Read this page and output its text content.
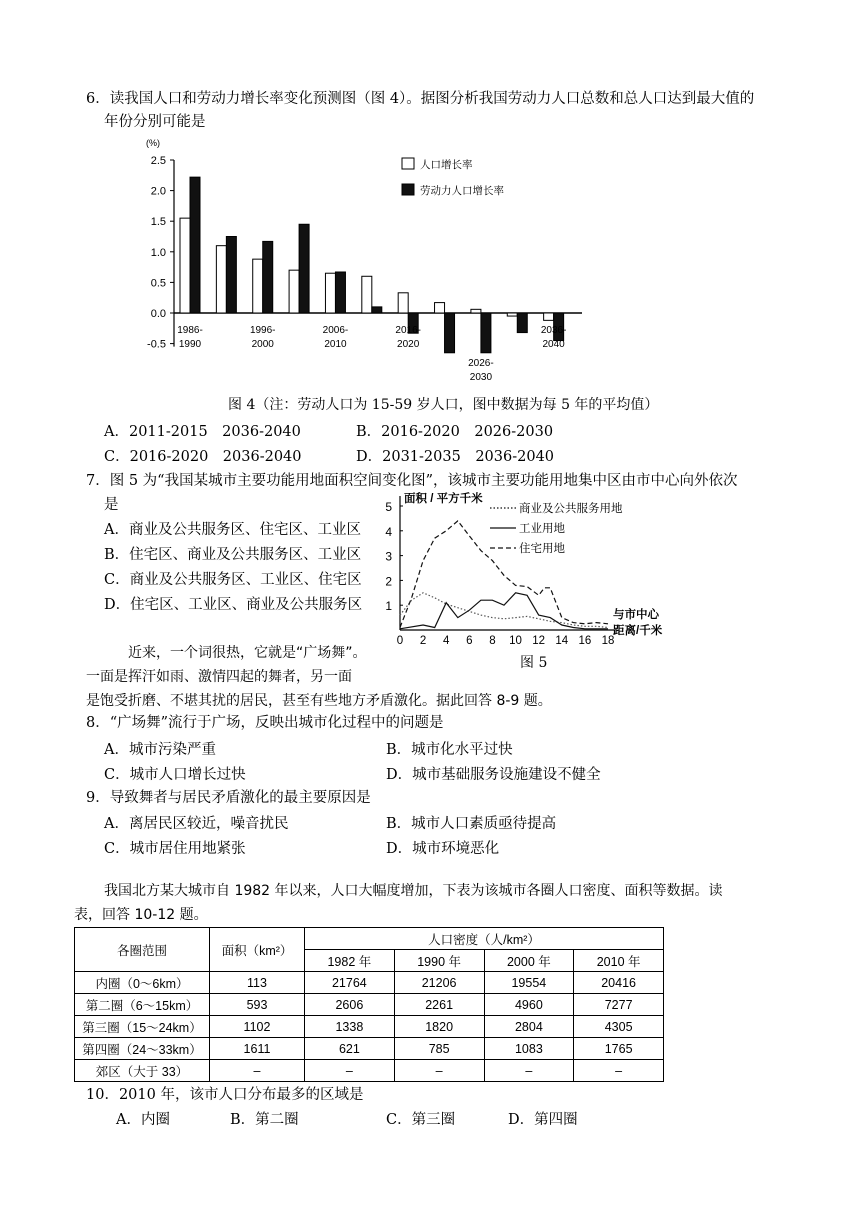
6．读我国人口和劳动力增长率变化预测图（图 4）。据图分析我国劳动力人口总数和总人口达到最大值的
年份分别可能是
(%)
2.5
2.0
1.5
1.0
0.5
0.0
-0.5
1986-
1990
1996-
2000
2006-
2010
2016-
2020
2026-
2030
2036-
2040
人口增长率
劳动力人口增长率
图 4（注：劳动人口为 15-59 岁人口，图中数据为每 5 年的平均值）
A．2011-2015　2036-2040	B．2016-2020　2026-2030
C．2016-2020　2036-2040	D．2031-2035　2036-2040
7．图 5 为“我国某城市主要功能用地面积空间变化图”，该城市主要功能用地集中区由市中心向外依次
是
A．商业及公共服务区、住宅区、工业区
B．住宅区、商业及公共服务区、工业区
C．商业及公共服务区、工业区、住宅区
D．住宅区、工业区、商业及公共服务区
面积 / 平方千米
1
2
3
4
5
0 2 4 6 8 10 12 14 16 18
与市中心
距离/千米
商业及公共服务用地
工业用地
住宅用地
图 5
近来，一个词很热，它就是“广场舞”。
一面是挥汗如雨、激情四起的舞者，另一面
是饱受折磨、不堪其扰的居民，甚至有些地方矛盾激化。据此回答 8-9 题。
8．“广场舞”流行于广场，反映出城市化过程中的问题是
A．城市污染严重	B．城市化水平过快
C．城市人口增长过快	D．城市基础服务设施建设不健全
9．导致舞者与居民矛盾激化的最主要原因是
A．离居民区较近，噪音扰民	B．城市人口素质亟待提高
C．城市居住用地紧张	D．城市环境恶化
我国北方某大城市自 1982 年以来，人口大幅度增加，下表为该城市各圈人口密度、面积等数据。读
表，回答 10-12 题。
各圈范围	面积（km²）	人口密度（人/km²）			
		1982 年	1990 年	2000 年	2010 年
内圈（0～6km）	113	21764	21206	19554	20416
第二圈（6～15km）	593	2606	2261	4960	7277
第三圈（15～24km）	1102	1338	1820	2804	4305
第四圈（24～33km）	1611	621	785	1083	1765
郊区（大于 33）	–	–	–	–	–
10．2010 年，该市人口分布最多的区域是
A．内圈	B．第二圈	C．第三圈	D．第四圈
